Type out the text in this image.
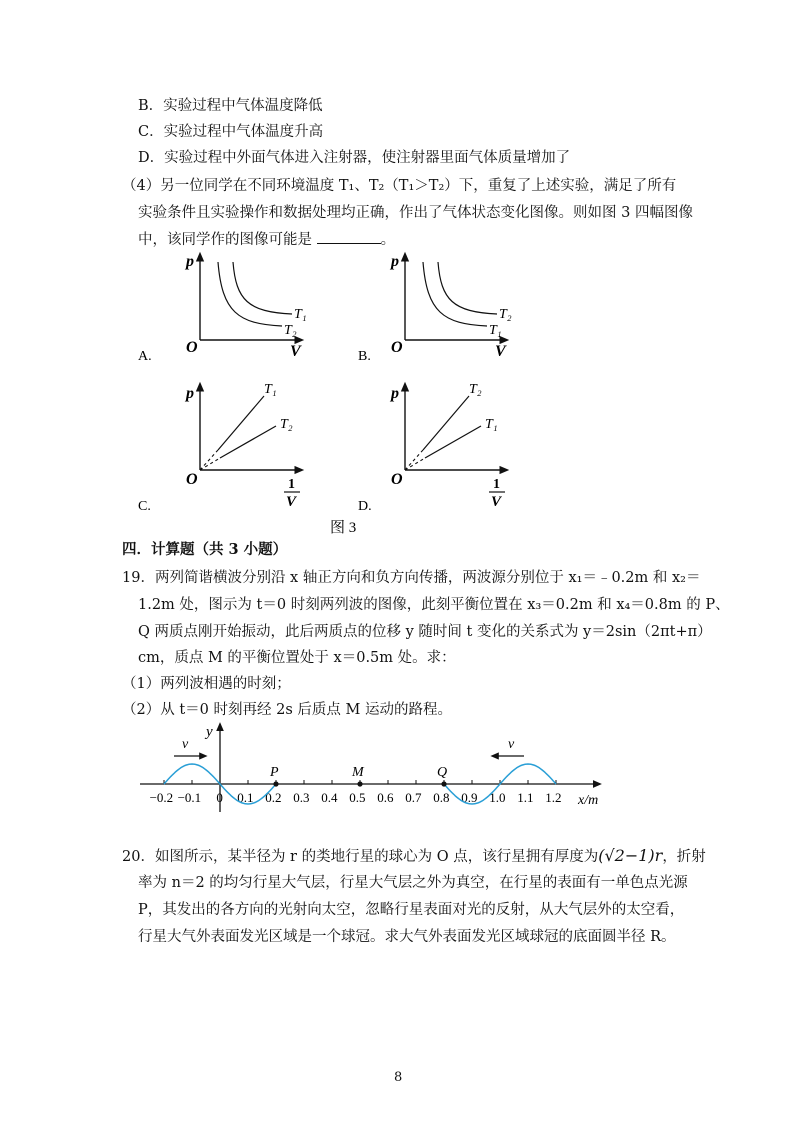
B．实验过程中气体温度降低
C．实验过程中气体温度升高
D．实验过程中外面气体进入注射器，使注射器里面气体质量增加了
（4）另一位同学在不同环境温度 T₁、T₂（T₁＞T₂）下，重复了上述实验，满足了所有
实验条件且实验操作和数据处理均正确，作出了气体状态变化图像。则如图 3 四幅图像
中，该同学作的图像可能是	。
p
V
O
T₁
T₂
A.
p
V
O
T₂
T₁
B.
p	T₁
T₂
O	1
V
C.
p	T₂
T₁
O	1
V
D.
图 3
四．计算题（共 3 小题）
19．两列简谐横波分别沿 x 轴正方向和负方向传播，两波源分别位于 x₁＝﹣0.2m 和 x₂＝
1.2m 处，图示为 t＝0 时刻两列波的图像，此刻平衡位置在 x₃＝0.2m 和 x₄＝0.8m 的 P、
Q 两质点刚开始振动，此后两质点的位移 y 随时间 t 变化的关系式为 y＝2sin（2πt+π）
cm，质点 M 的平衡位置处于 x＝0.5m 处。求：
（1）两列波相遇的时刻；
（2）从 t＝0 时刻再经 2s 后质点 M 运动的路程。
y
x/m
−0.2 −0.1 0 0.1 0.2 0.3 0.4 0.5 0.6 0.7 0.8 0.9 1.0 1.1 1.2
v	v
P	M	Q
20．如图所示，某半径为 r 的类地行星的球心为 O 点，该行星拥有厚度为(√2−1)r，折射
率为 n＝2 的均匀行星大气层，行星大气层之外为真空，在行星的表面有一单色点光源
P，其发出的各方向的光射向太空，忽略行星表面对光的反射，从大气层外的太空看，
行星大气外表面发光区域是一个球冠。求大气外表面发光区域球冠的底面圆半径 R。
8
